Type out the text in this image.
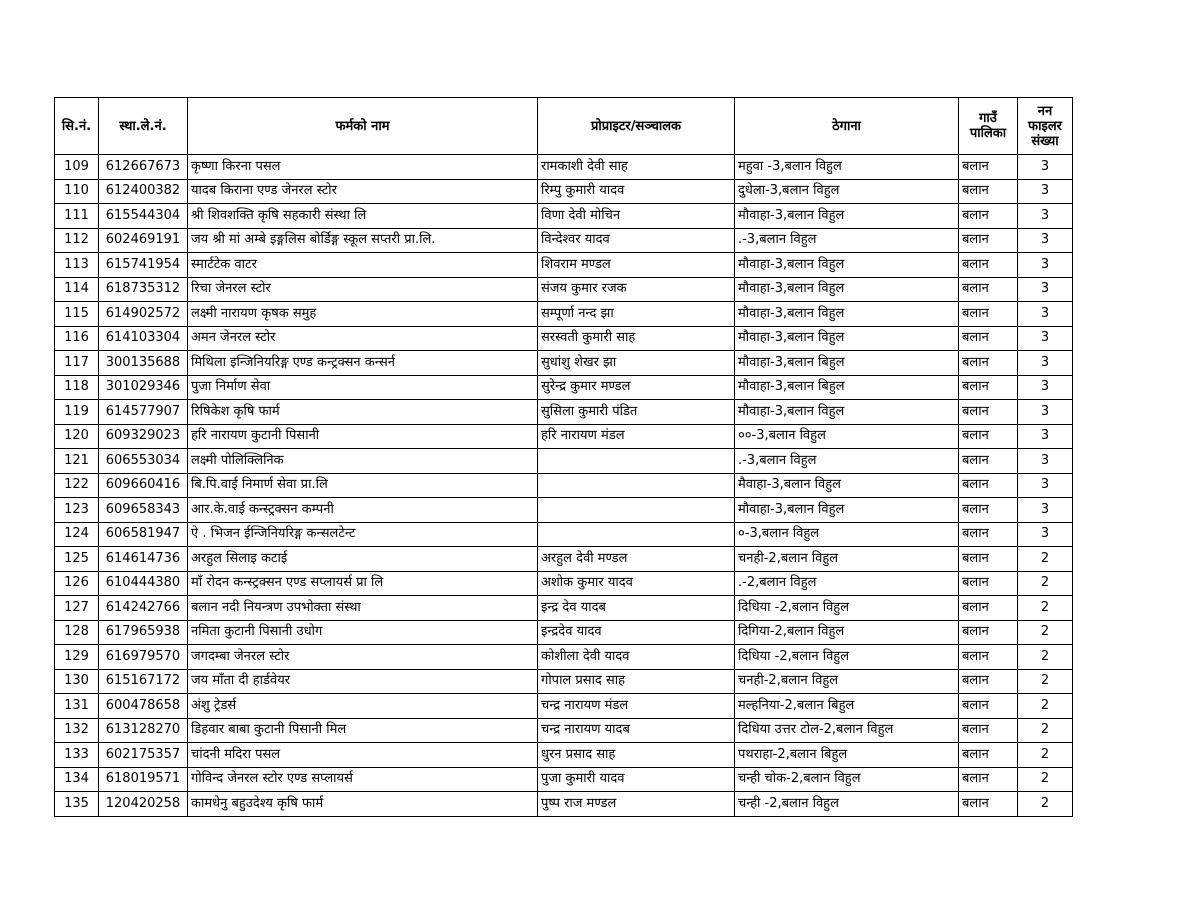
सि.नं.	स्था.ले.नं.	फर्मको नाम	प्रोप्राइटर/सञ्चालक	ठेगाना	गाउँ पालिका	नन फाइलर संख्या
109	612667673	कृष्णा किरना पसल	रामकाशी देवी साह	महुवा -3,बलान विहुल	बलान	3
110	612400382	यादब किराना एण्ड जेनरल स्टोर	रिम्पु कुमारी यादव	दुधेला-3,बलान विहुल	बलान	3
111	615544304	श्री शिवशक्ति कृषि सहकारी संस्था लि	विणा देवी मोचिन	मौवाहा-3,बलान विहुल	बलान	3
112	602469191	जय श्री मां अम्बे इङ्गलिस बोर्डिङ्ग स्कूल सप्तरी प्रा.लि.	विन्देश्वर यादव	.-3,बलान विहुल	बलान	3
113	615741954	स्मार्टटेक वाटर	शिवराम मण्डल	मौवाहा-3,बलान विहुल	बलान	3
114	618735312	रिचा जेनरल स्टोर	संजय कुमार रजक	मौवाहा-3,बलान विहुल	बलान	3
115	614902572	लक्ष्मी नारायण कृषक समुह	सम्पूर्णा नन्द झा	मौवाहा-3,बलान विहुल	बलान	3
116	614103304	अमन जेनरल स्टोर	सरस्वती कुमारी साह	माैवाहा-3,बलान विहुल	बलान	3
117	300135688	मिथिला इन्जिनियरिङ्ग एण्ड कन्ट्रक्सन कन्सर्न	सुधांशु शेखर झा	मौवाहा-3,बलान बिहुल	बलान	3
118	301029346	पुजा निर्माण सेवा	सुरेन्द्र कुमार मण्डल	मौवाहा-3,बलान बिहुल	बलान	3
119	614577907	रिषिकेश कृषि फार्म	सुसिला कुमारी पंडित	मौवाहा-3,बलान विहुल	बलान	3
120	609329023	हरि नारायण कुटानी पिसानी	हरि नारायण मंडल	००-3,बलान विहुल	बलान	3
121	606553034	लक्ष्मी पोलिक्लिनिक		.-3,बलान विहुल	बलान	3
122	609660416	बि.पि.वाई निमार्ण सेवा प्रा.लि		मैवाहा-3,बलान विहुल	बलान	3
123	609658343	आर.के.वाई कन्स्ट्रक्सन कम्पनी		मौवाहा-3,बलान विहुल	बलान	3
124	606581947	ऐ . भिजन ईन्जिनियरिङ्ग कन्सलटेन्ट		०-3,बलान विहुल	बलान	3
125	614614736	अरहुल सिलाइ कटाई	अरहुल देवी मण्डल	चनही-2,बलान विहुल	बलान	2
126	610444380	माँ रोदन कन्स्ट्रक्सन एण्ड सप्लायर्स प्रा लि	अशोक कुमार यादव	.-2,बलान विहुल	बलान	2
127	614242766	बलान नदी नियन्त्रण उपभोक्ता संस्था	इन्द्र देव यादब	दिधिया -2,बलान विहुल	बलान	2
128	617965938	नमिता कुटानी पिसानी उधोग	इन्द्रदेव यादव	दिगिया-2,बलान विहुल	बलान	2
129	616979570	जगदम्बा जेनरल स्टोर	कोशीला देवी यादव	दिधिया -2,बलान विहुल	बलान	2
130	615167172	जय माँता दी हार्डवेयर	गोपाल प्रसाद साह	चनही-2,बलान विहुल	बलान	2
131	600478658	अंशु ट्रेडर्स	चन्द्र नारायण मंडल	मल्हनिया-2,बलान बिहुल	बलान	2
132	613128270	डिहवार बाबा कुटानी पिसानी मिल	चन्द्र नारायण यादब	दिधिया उत्तर टोल-2,बलान विहुल	बलान	2
133	602175357	चांदनी मदिरा पसल	धुरन प्रसाद साह	पथराहा-2,बलान बिहुल	बलान	2
134	618019571	गोविन्द जेनरल स्टोर एण्ड सप्लायर्स	पुजा कुमारी यादव	चन्ही चोक-2,बलान विहुल	बलान	2
135	120420258	कामधेनु बहुउदेश्य कृषि फार्म	पुष्प राज मण्डल	चन्ही -2,बलान विहुल	बलान	2
